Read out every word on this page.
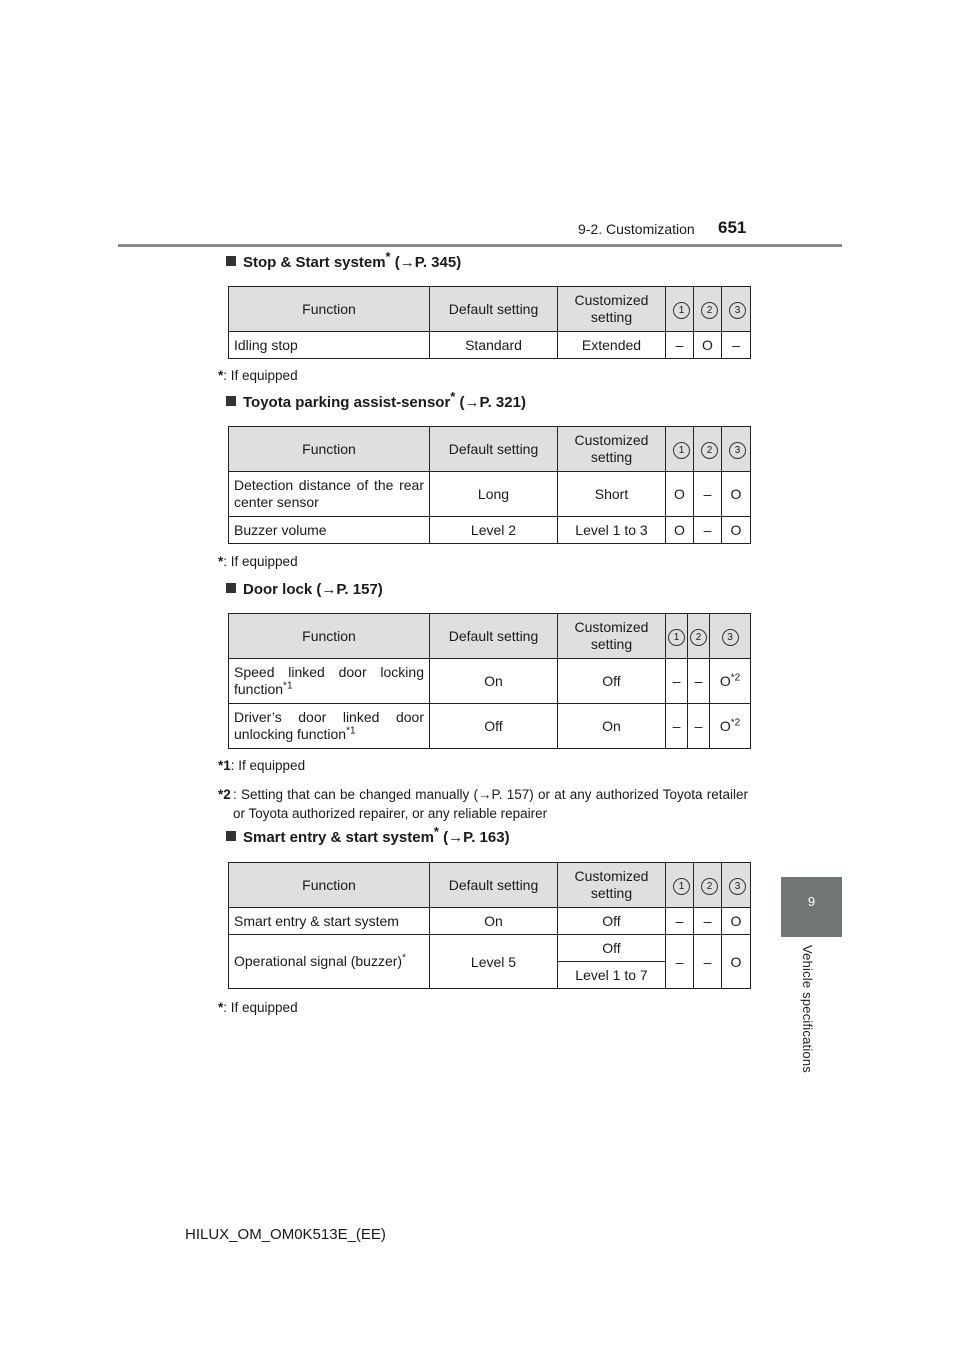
9-2. Customization 651
9
Vehicle specifications
Stop & Start system* (→P. 345)
Function	Default setting	Customized setting	1	2	3
Idling stop	Standard	Extended	–	O	–
*: If equipped
Toyota parking assist-sensor* (→P. 321)
Function	Default setting	Customized setting	1	2	3
Detection distance of the rear center sensor	Long	Short	O	–	O
Buzzer volume	Level 2	Level 1 to 3	O	–	O
*: If equipped
Door lock (→P. 157)
Function	Default setting	Customized setting	1	2	3
Speed linked door locking function$^{*1}$	On	Off	–	–	$O^{*2}$
Driver’s door linked door unlocking function$^{*1}$	Off	On	–	–	$O^{*2}$
*1: If equipped
*2 : Setting that can be changed manually (→P. 157) or at any authorized Toyota retailer or Toyota authorized repairer, or any reliable repairer
Smart entry & start system* (→P. 163)
Function	Default setting	Customized setting	1	2	3
Smart entry & start system	On	Off	–	–	O
Operational signal (buzzer)*	Level 5	Off	–	–	O
		Level 1 to 7			
*: If equipped
HILUX_OM_OM0K513E_(EE)
